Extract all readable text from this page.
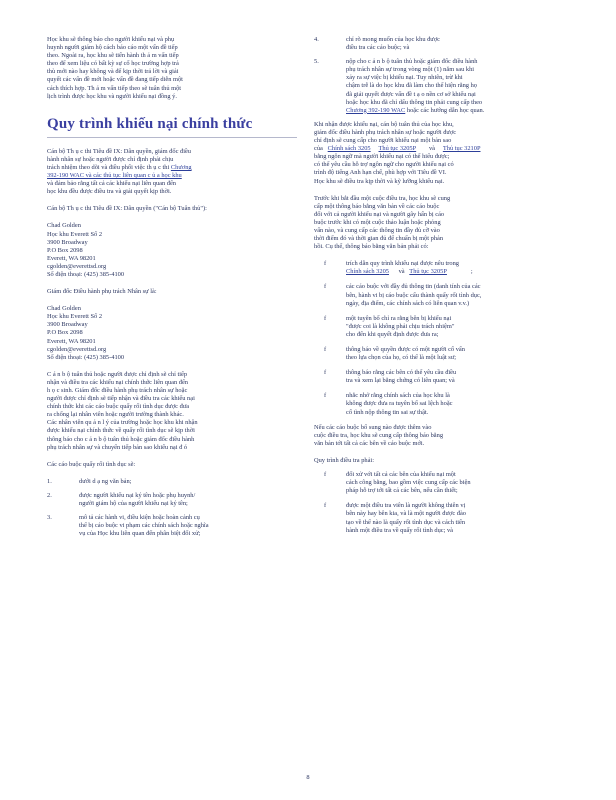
Học khu sẽ thông báo cho người khiếu nại và phụ
huynh người giám hộ cách báo cáo một vấn đề tiếp
theo. Ngoài ra, học khu sẽ tiến hành th ả m vấn tiếp
theo để xem liệu có bất kỳ sự cố học trường hợp trả
thù mới nào hay không và để kịp thời trả lời và giải
quyết các vấn đề mới hoặc vấn đề đang tiếp diễn một
cách thích hợp. Th ả m vấn tiếp theo sẽ tuân thủ một
lịch trình được học khu và người khiếu nại đồng ý.
Quy trình khiếu nại chính thức
Cán bộ Th ụ c thi Tiêu đề IX: Dân quyền, giám đốc điều
hành nhân sự hoặc người được chỉ định phải chịu
trách nhiệm theo dõi và điều phối việc th ụ c thi Chương
392-190 WAC và các thủ tục liên quan c ủ a học khu
và đảm bảo rằng tất cả các khiếu nại liên quan đến
học khu đều được điều tra và giải quyết kịp thời.
Cán bộ Th ụ c thi Tiêu đề IX: Dân quyền ("Cán bộ Tuân thủ"):
Chad Golden
Học khu Everett Số 2
3900 Broadway
P.O Box 2098
Everett, WA 98201
cgolden@everettsd.org
Số điện thoại: (425) 385-4100
Giám đốc Điều hành phụ trách Nhân sự là:
Chad Golden
Học khu Everett Số 2
3900 Broadway
P.O Box 2098
Everett, WA 98201
cgolden@everettsd.org
Số điện thoại: (425) 385-4100
C á n b ộ tuân thủ hoặc người được chỉ định sẽ chỉ tiếp
nhận và điều tra các khiếu nại chính thức liên quan đến
h ọ c sinh. Giám đốc điều hành phụ trách nhân sự hoặc
người được chỉ định sẽ tiếp nhận và điều tra các khiếu nại
chính thức khi các cáo buộc quấy rối tình dục được đưa
ra chống lại nhân viên hoặc người trường thành khác.
Các nhân viên qu ả n l ý của trường hoặc học khu khi nhận
được khiếu nại chính thức về quấy rối tình dục sẽ kịp thời
thông báo cho c ả n b ộ tuân thủ hoặc giám đốc điều hành
phụ trách nhân sự và chuyển tiếp bản sao khiếu nại đ ó
Các cáo buộc quấy rối tình dục sẽ:
1.	dưới d ạ ng văn bản;
2.	được người khiếu nại ký tên hoặc phụ huynh/
người giám hộ của người khiếu nại ký tên;
3.	mô tả các hành vi, điều kiện hoặc hoàn cảnh cụ
thể bị cáo buộc vi phạm các chính sách hoặc nghĩa
vụ của Học khu liên quan đến phân biệt đối xử;
4.	chỉ rõ mong muốn của học khu được
điều tra các cáo buộc; và
5.	nộp cho c ả n b ộ tuân thủ hoặc giám đốc điều hành
phụ trách nhân sự trong vòng một (1) năm sau khi
xảy ra sự việc bị khiếu nại. Tuy nhiên, trừ khi
chậm trễ là do học khu đã làm cho thể hiện rằng họ
đã giải quyết được vấn đề t ạ o nền cơ sở khiếu nại
hoặc học khu đã chỉ dấu thông tin phải cung cấp theo
Chương 392-190 WAC hoặc các hướng dẫn học quan.
Khi nhận được khiếu nại, cán bộ tuân thủ của học khu,
giám đốc điều hành phụ trách nhân sự hoặc người được
chỉ định sẽ cung cấp cho người khiếu nại một bản sao
của Chính sách 3205 Thủ tục 3205P và Thủ tục 3210P
bằng ngôn ngữ mà người khiếu nại có thể hiểu được;
có thể yêu cầu hỗ trợ ngôn ngữ cho người khiếu nại có
trình độ tiếng Anh hạn chế, phù hợp với Tiêu đề VI.
Học khu sẽ điều tra kịp thời và kỹ lưỡng khiếu nại.
Trước khi bắt đầu một cuộc điều tra, học khu sẽ cung
cấp một thông báo bằng văn bản về các cáo buộc
đối với cả người khiếu nại và người gây hấn bị cáo
buộc trước khi có một cuộc thảo luận hoặc phỏng
vấn nào, và cung cấp các thông tin đầy đủ cỡ vào
thời điểm đó và thời gian đủ để chuẩn bị một phản
hồi. Cụ thể, thông báo bằng văn bản phải có:
f	trích dẫn quy trình khiếu nại được nêu trong
Chính sách 3205 và Thủ tục 3205P	;
f	các cáo buộc với đầy đủ thông tin (danh tính của các
bên, hành vi bị cáo buộc cấu thành quấy rối tình dục,
ngày, địa điểm, các chính sách có liên quan v.v.)
f	một tuyên bố chỉ ra rằng bên bị khiếu nại
"được coi là không phải chịu trách nhiệm"
cho đến khi quyết định được đưa ra;
f	thông báo về quyền được có một người cố vấn
theo lựa chọn của họ, có thể là một luật sư;
f	thông báo rằng các bên có thể yêu cầu điều
tra và xem lại bằng chứng có liên quan; và
f	nhắc nhở rằng chính sách của học khu là
không được đưa ra tuyên bố sai lệch hoặc
cố tình nộp thông tin sai sự thật.
Nếu các cáo buộc bổ sung nào được thêm vào
cuộc điều tra, học khu sẽ cung cấp thông báo bằng
văn bản tới tất cả các bên về cáo buộc mới.
Quy trình điều tra phải:
f	đối xử với tất cả các bên của khiếu nại một
cách công bằng, bao gồm việc cung cấp các biện
pháp hỗ trợ tới tất cả các bên, nếu cần thiết;
f	được một điều tra viên là người không thiên vị
bên này hay bên kia, và là một người được đào
tạo về thể nào là quấy rối tình dục và cách tiến
hành một điều tra về quấy rối tình dục; và
8
